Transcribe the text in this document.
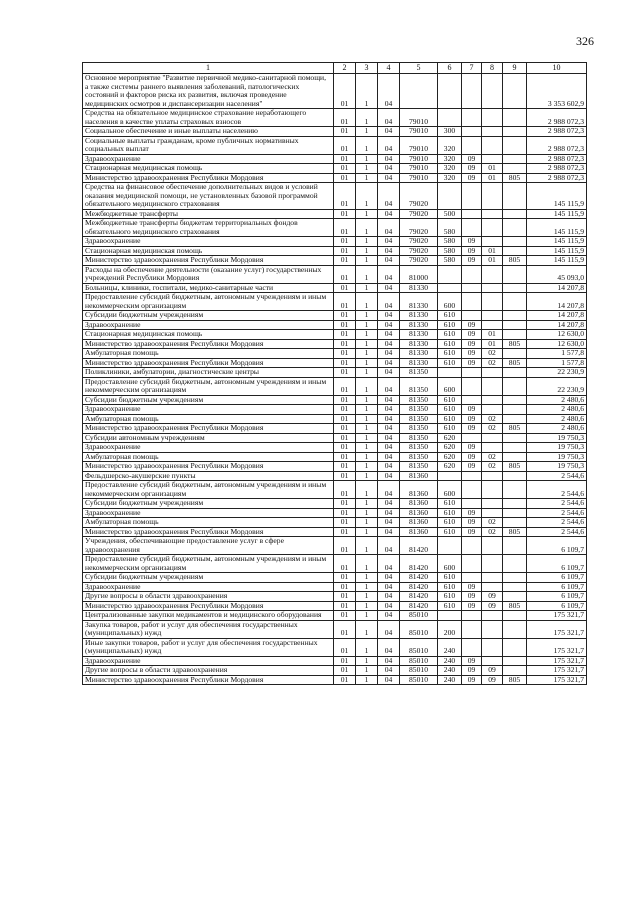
326
1	2	3	4	5	6	7	8	9	10
Основное мероприятие "Развитие первичной медико-санитарной помощи, а также системы раннего выявления заболеваний, патологических состояний и факторов риска их развития, включая проведение медицинских осмотров и диспансеризации населения"	01	1	04						3 353 602,9
Средства на обязательное медицинское страхование неработающего населения в качестве уплаты страховых взносов	01	1	04	79010					2 988 072,3
Социальное обеспечение и иные выплаты населению	01	1	04	79010	300				2 988 072,3
Социальные выплаты гражданам, кроме публичных нормативных социальных выплат	01	1	04	79010	320				2 988 072,3
Здравоохранение	01	1	04	79010	320	09			2 988 072,3
Стационарная медицинская помощь	01	1	04	79010	320	09	01		2 988 072,3
Министерство здравоохранения Республики Мордовия	01	1	04	79010	320	09	01	805	2 988 072,3
Средства на финансовое обеспечение дополнительных видов и условий оказания медицинской помощи, не установленных базовой программой обязательного медицинского страхования	01	1	04	79020					145 115,9
Межбюджетные трансферты	01	1	04	79020	500				145 115,9
Межбюджетные трансферты бюджетам территориальных фондов обязательного медицинского страхования	01	1	04	79020	580				145 115,9
Здравоохранение	01	1	04	79020	580	09			145 115,9
Стационарная медицинская помощь	01	1	04	79020	580	09	01		145 115,9
Министерство здравоохранения Республики Мордовия	01	1	04	79020	580	09	01	805	145 115,9
Расходы на обеспечение деятельности (оказание услуг) государственных учреждений Республики Мордовия	01	1	04	81000					45 093,0
Больницы, клиники, госпитали, медико-санитарные части	01	1	04	81330					14 207,8
Предоставление субсидий бюджетным, автономным учреждениям и иным некоммерческим организациям	01	1	04	81330	600				14 207,8
Субсидии бюджетным учреждениям	01	1	04	81330	610				14 207,8
Здравоохранение	01	1	04	81330	610	09			14 207,8
Стационарная медицинская помощь	01	1	04	81330	610	09	01		12 630,0
Министерство здравоохранения Республики Мордовия	01	1	04	81330	610	09	01	805	12 630,0
Амбулаторная помощь	01	1	04	81330	610	09	02		1 577,8
Министерство здравоохранения Республики Мордовия	01	1	04	81330	610	09	02	805	1 577,8
Поликлиники, амбулатории, диагностические центры	01	1	04	81350					22 230,9
Предоставление субсидий бюджетным, автономным учреждениям и иным некоммерческим организациям	01	1	04	81350	600				22 230,9
Субсидии бюджетным учреждениям	01	1	04	81350	610				2 480,6
Здравоохранение	01	1	04	81350	610	09			2 480,6
Амбулаторная помощь	01	1	04	81350	610	09	02		2 480,6
Министерство здравоохранения Республики Мордовия	01	1	04	81350	610	09	02	805	2 480,6
Субсидии автономным учреждениям	01	1	04	81350	620				19 750,3
Здравоохранение	01	1	04	81350	620	09			19 750,3
Амбулаторная помощь	01	1	04	81350	620	09	02		19 750,3
Министерство здравоохранения Республики Мордовия	01	1	04	81350	620	09	02	805	19 750,3
Фельдшерско-акушерские пункты	01	1	04	81360					2 544,6
Предоставление субсидий бюджетным, автономным учреждениям и иным некоммерческим организациям	01	1	04	81360	600				2 544,6
Субсидии бюджетным учреждениям	01	1	04	81360	610				2 544,6
Здравоохранение	01	1	04	81360	610	09			2 544,6
Амбулаторная помощь	01	1	04	81360	610	09	02		2 544,6
Министерство здравоохранения Республики Мордовия	01	1	04	81360	610	09	02	805	2 544,6
Учреждения, обеспечивающие предоставление услуг в сфере здравоохранения	01	1	04	81420					6 109,7
Предоставление субсидий бюджетным, автономным учреждениям и иным некоммерческим организациям	01	1	04	81420	600				6 109,7
Субсидии бюджетным учреждениям	01	1	04	81420	610				6 109,7
Здравоохранение	01	1	04	81420	610	09			6 109,7
Другие вопросы в области здравоохранения	01	1	04	81420	610	09	09		6 109,7
Министерство здравоохранения Республики Мордовия	01	1	04	81420	610	09	09	805	6 109,7
Централизованные закупки медикаментов и медицинского оборудования	01	1	04	85010					175 321,7
Закупка товаров, работ и услуг для обеспечения государственных (муниципальных) нужд	01	1	04	85010	200				175 321,7
Иные закупки товаров, работ и услуг для обеспечения государственных (муниципальных) нужд	01	1	04	85010	240				175 321,7
Здравоохранение	01	1	04	85010	240	09			175 321,7
Другие вопросы в области здравоохранения	01	1	04	85010	240	09	09		175 321,7
Министерство здравоохранения Республики Мордовия	01	1	04	85010	240	09	09	805	175 321,7
